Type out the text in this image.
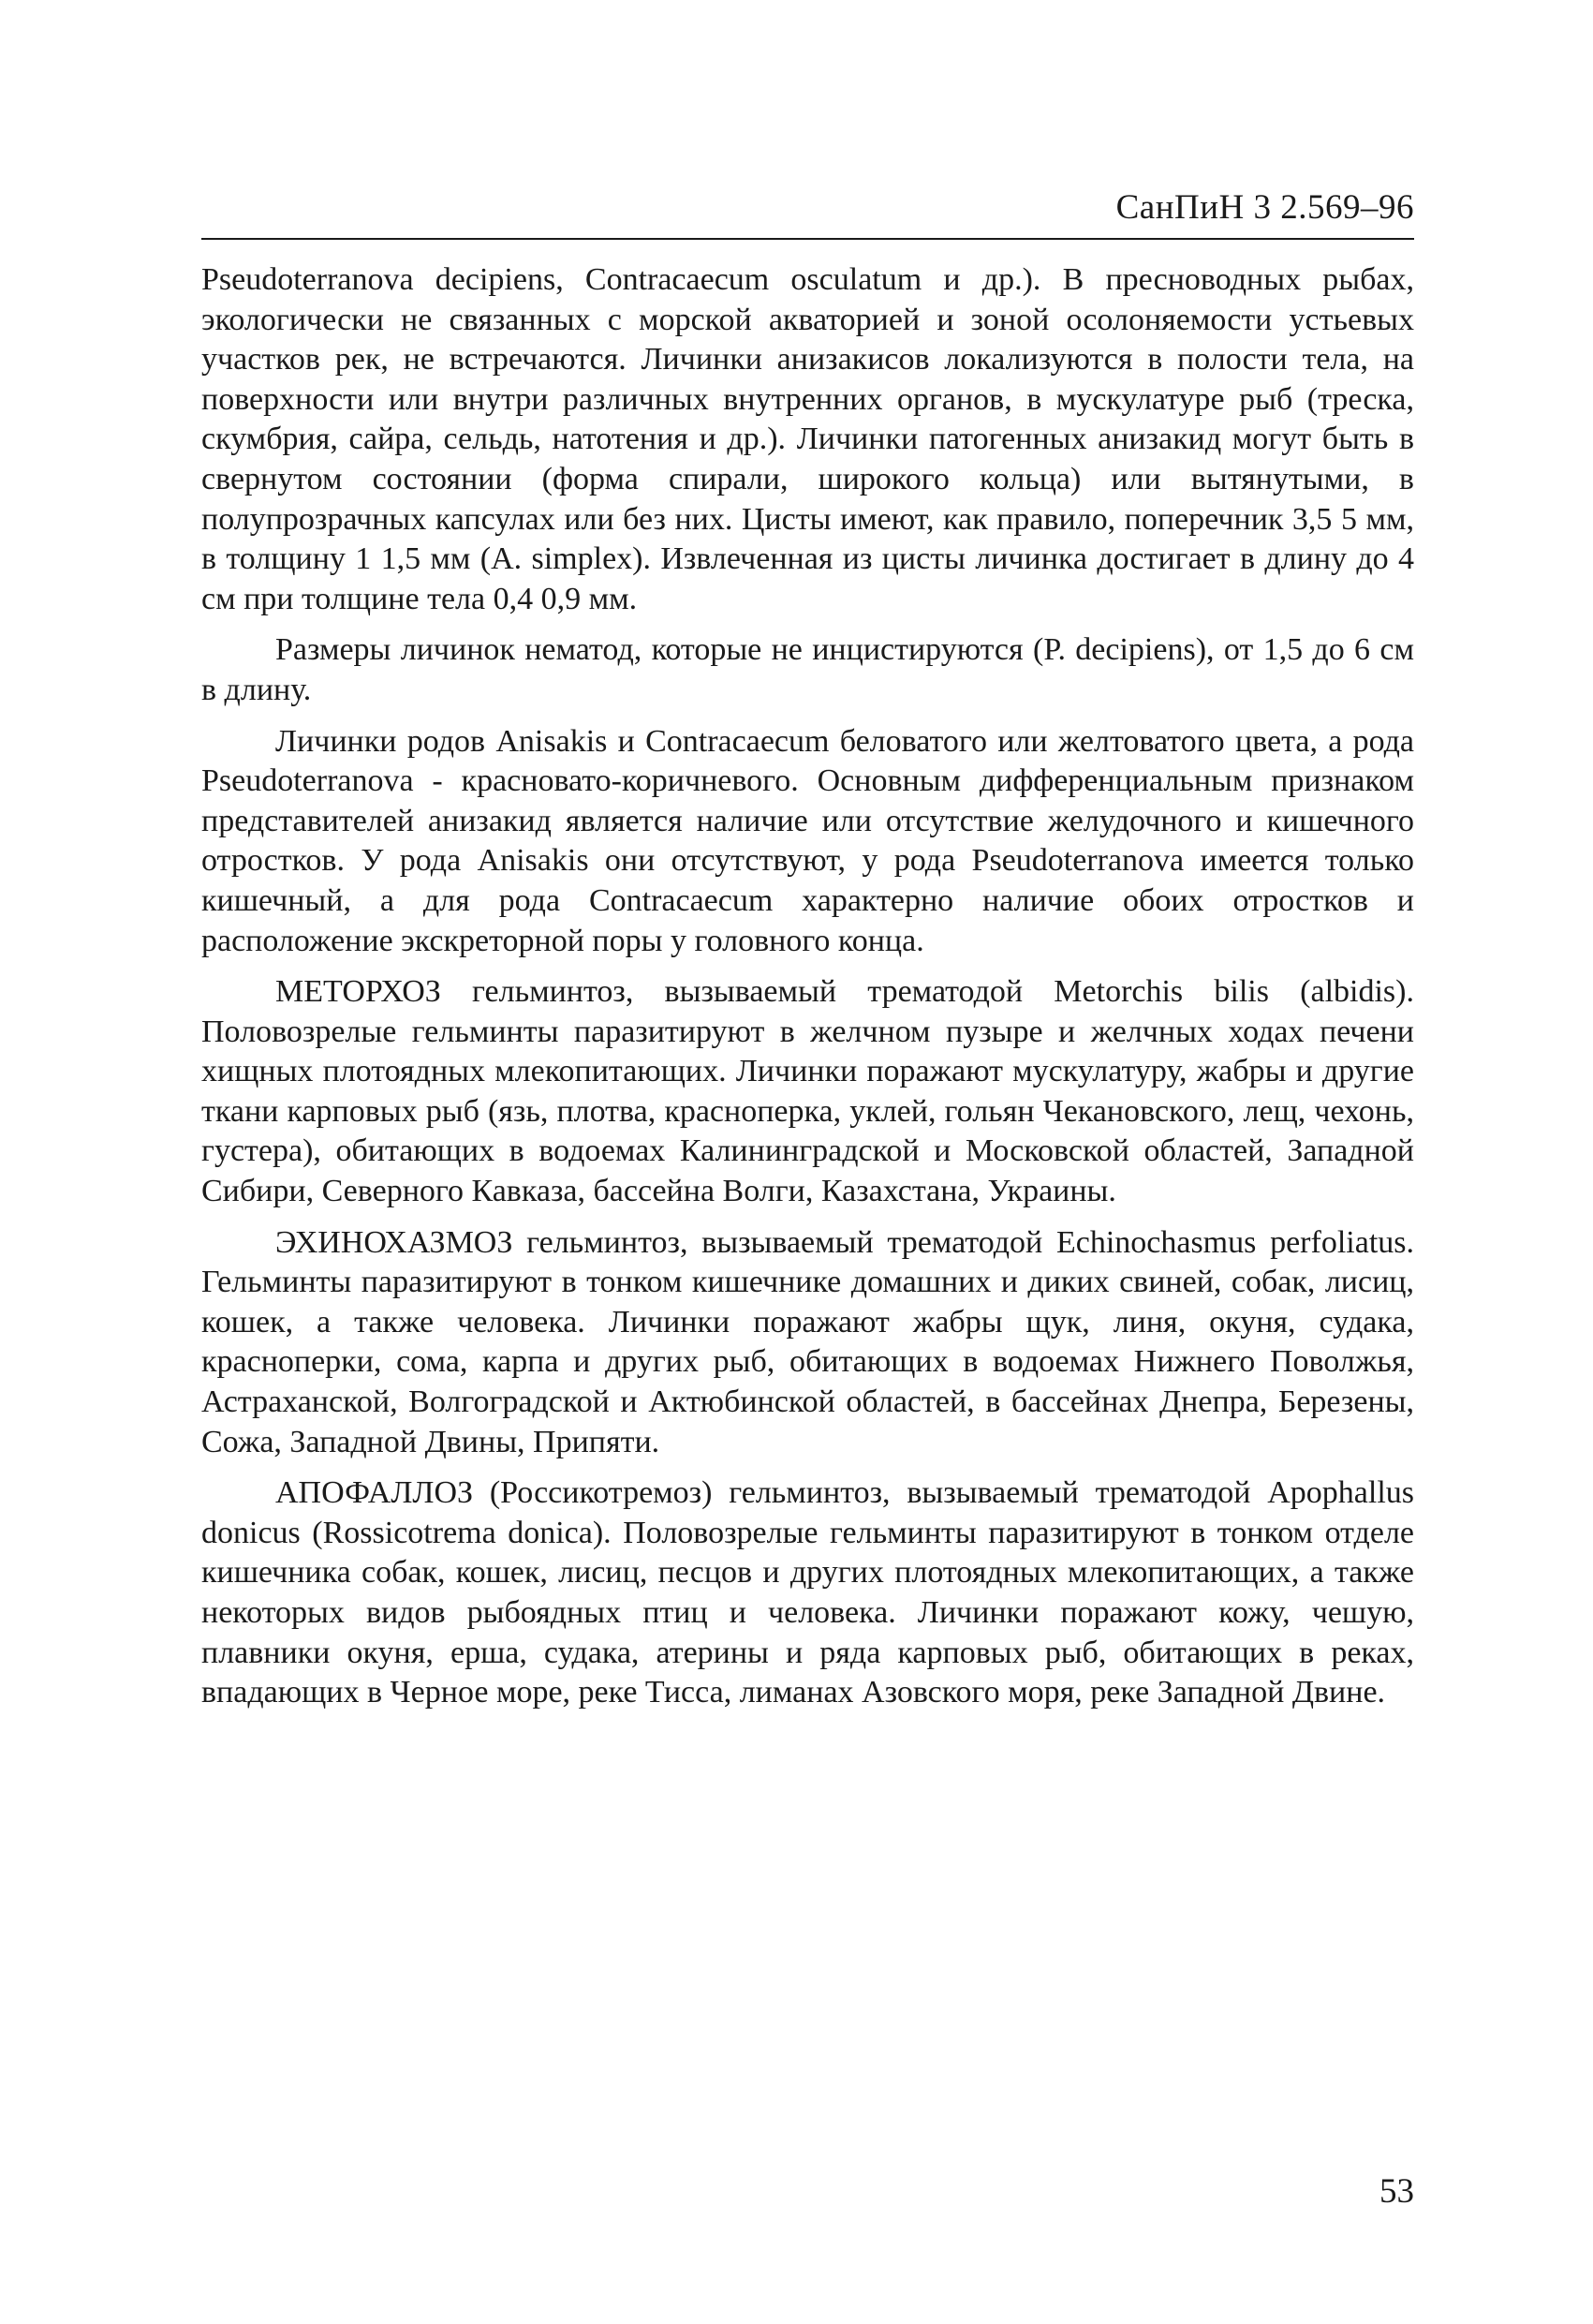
СанПиН 3 2.569–96

Pseudoterranova decipiens, Contracaecum osculatum и др.). В пресноводных рыбах, экологически не связанных с морской акваторией и зоной осолоняемости устьевых участков рек, не встречаются. Личинки анизакисов локализуются в полости тела, на поверхности или внутри различных внутренних органов, в мускулатуре рыб (треска, скумбрия, сайра, сельдь, натотения и др.). Личинки патогенных анизакид могут быть в свернутом состоянии (форма спирали, широкого кольца) или вытянутыми, в полупрозрачных капсулах или без них. Цисты имеют, как правило, поперечник 3,5 5 мм, в толщину 1 1,5 мм (A. simplex). Извлеченная из цисты личинка достигает в длину до 4 см при толщине тела 0,4 0,9 мм.

Размеры личинок нематод, которые не инцистируются (P. decipiens), от 1,5 до 6 см в длину.

Личинки родов Anisakis и Contracaecum беловатого или желтоватого цвета, а рода Pseudoterranova - красновато-коричневого. Основным дифференциальным признаком представителей анизакид является наличие или отсутствие желудочного и кишечного отростков. У рода Anisakis они отсутствуют, у рода Pseudoterranova имеется только кишечный, а для рода Contracaecum характерно наличие обоих отростков и расположение экскреторной поры у головного конца.

МЕТОРХОЗ гельминтоз, вызываемый трематодой Metorchis bilis (albidis). Половозрелые гельминты паразитируют в желчном пузыре и желчных ходах печени хищных плотоядных млекопитающих. Личинки поражают мускулатуру, жабры и другие ткани карповых рыб (язь, плотва, красноперка, уклей, гольян Чекановского, лещ, чехонь, густера), обитающих в водоемах Калининградской и Московской областей, Западной Сибири, Северного Кавказа, бассейна Волги, Казахстана, Украины.

ЭХИНОХАЗМОЗ гельминтоз, вызываемый трематодой Echinochasmus perfoliatus. Гельминты паразитируют в тонком кишечнике домашних и диких свиней, собак, лисиц, кошек, а также человека. Личинки поражают жабры щук, линя, окуня, судака, красноперки, сома, карпа и других рыб, обитающих в водоемах Нижнего Поволжья, Астраханской, Волгоградской и Актюбинской областей, в бассейнах Днепра, Березены, Сожа, Западной Двины, Припяти.

АПОФАЛЛОЗ (Россикотремоз) гельминтоз, вызываемый трематодой Apophallus donicus (Rossicotrema donica). Половозрелые гельминты паразитируют в тонком отделе кишечника собак, кошек, лисиц, песцов и других плотоядных млекопитающих, а также некоторых видов рыбоядных птиц и человека. Личинки поражают кожу, чешую, плавники окуня, ерша, судака, атерины и ряда карповых рыб, обитающих в реках, впадающих в Черное море, реке Тисса, лиманах Азовского моря, реке Западной Двине.

53
